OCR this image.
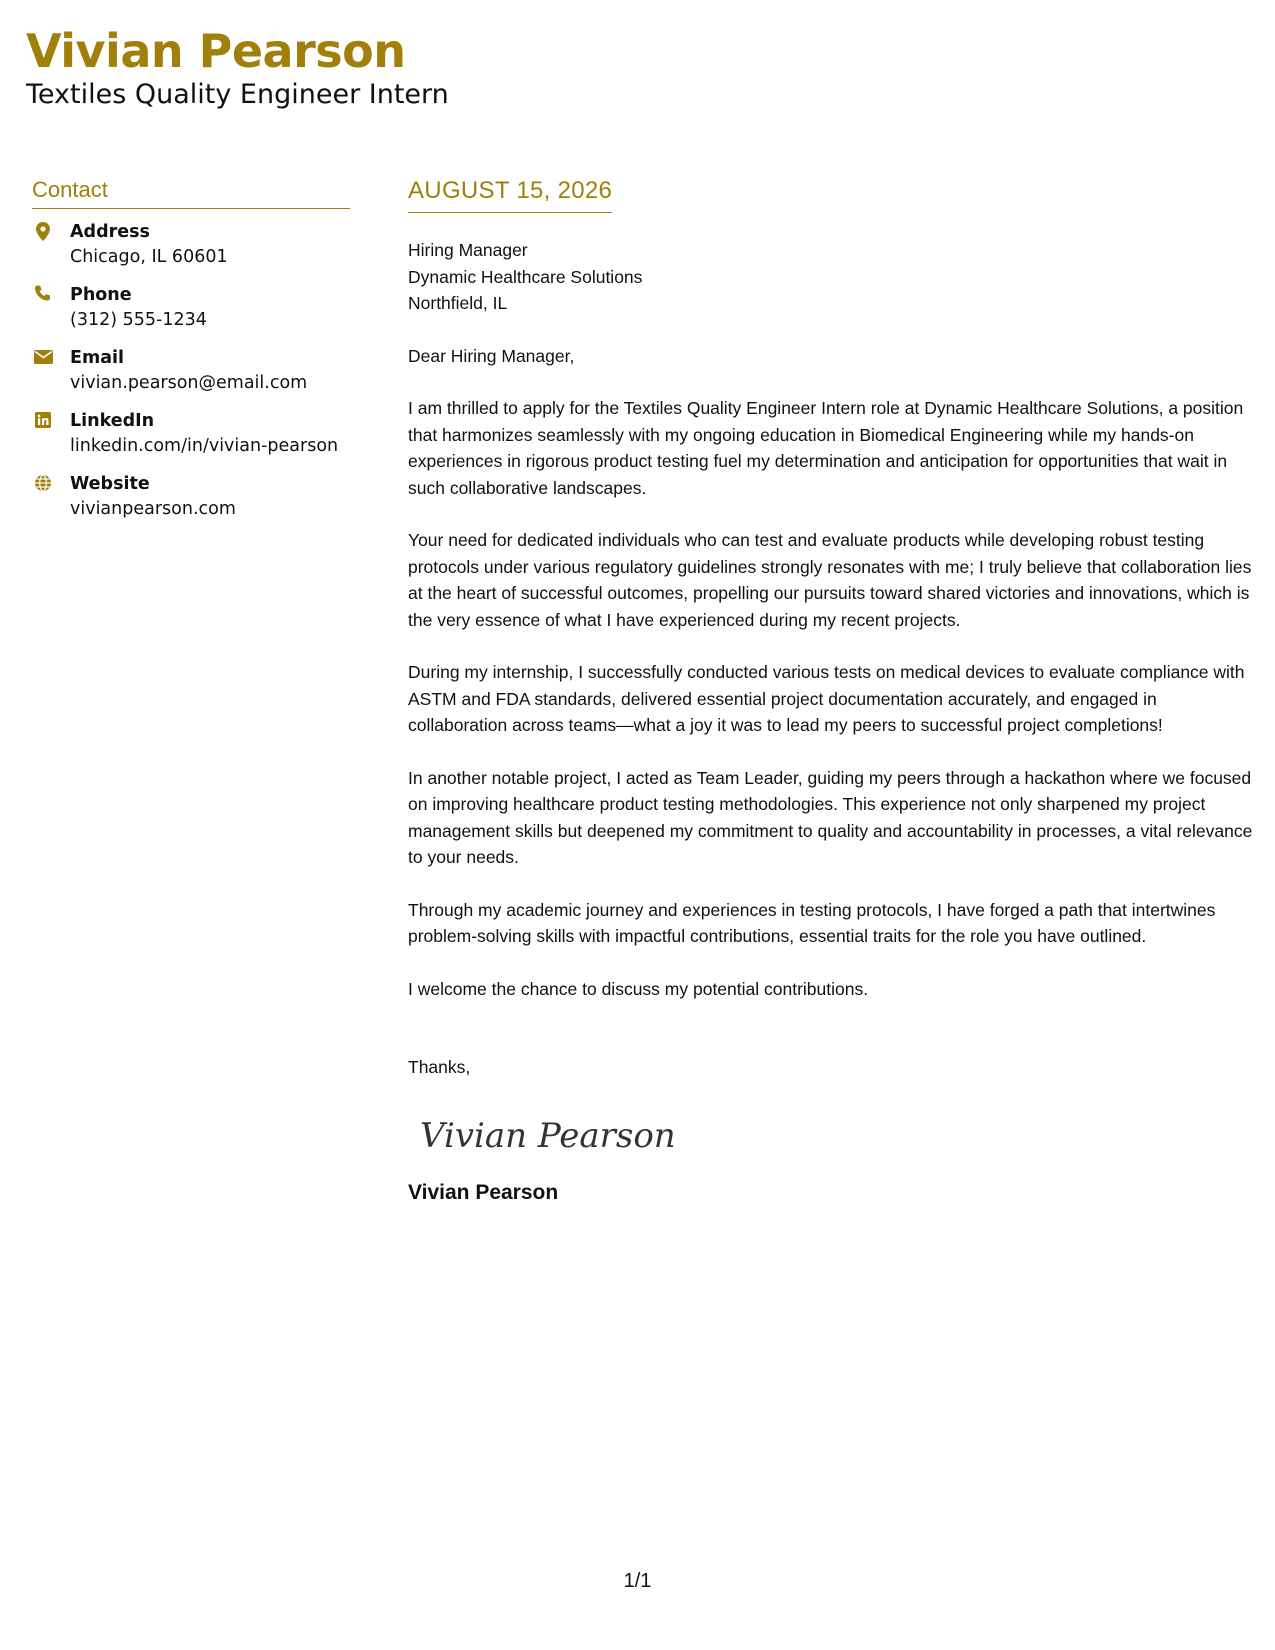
Vivian Pearson
Textiles Quality Engineer Intern
Contact
Address
Chicago, IL 60601
Phone
(312) 555-1234
Email
vivian.pearson@email.com
LinkedIn
linkedin.com/in/vivian-pearson
Website
vivianpearson.com
AUGUST 15, 2026
Hiring Manager
Dynamic Healthcare Solutions
Northfield, IL
Dear Hiring Manager,
I am thrilled to apply for the Textiles Quality Engineer Intern role at Dynamic Healthcare Solutions, a position that harmonizes seamlessly with my ongoing education in Biomedical Engineering while my hands-on experiences in rigorous product testing fuel my determination and anticipation for opportunities that wait in such collaborative landscapes.
Your need for dedicated individuals who can test and evaluate products while developing robust testing protocols under various regulatory guidelines strongly resonates with me; I truly believe that collaboration lies at the heart of successful outcomes, propelling our pursuits toward shared victories and innovations, which is the very essence of what I have experienced during my recent projects.
During my internship, I successfully conducted various tests on medical devices to evaluate compliance with ASTM and FDA standards, delivered essential project documentation accurately, and engaged in collaboration across teams—what a joy it was to lead my peers to successful project completions!
In another notable project, I acted as Team Leader, guiding my peers through a hackathon where we focused on improving healthcare product testing methodologies. This experience not only sharpened my project management skills but deepened my commitment to quality and accountability in processes, a vital relevance to your needs.
Through my academic journey and experiences in testing protocols, I have forged a path that intertwines problem-solving skills with impactful contributions, essential traits for the role you have outlined.
I welcome the chance to discuss my potential contributions.
Thanks,
Vivian Pearson
Vivian Pearson
1/1
